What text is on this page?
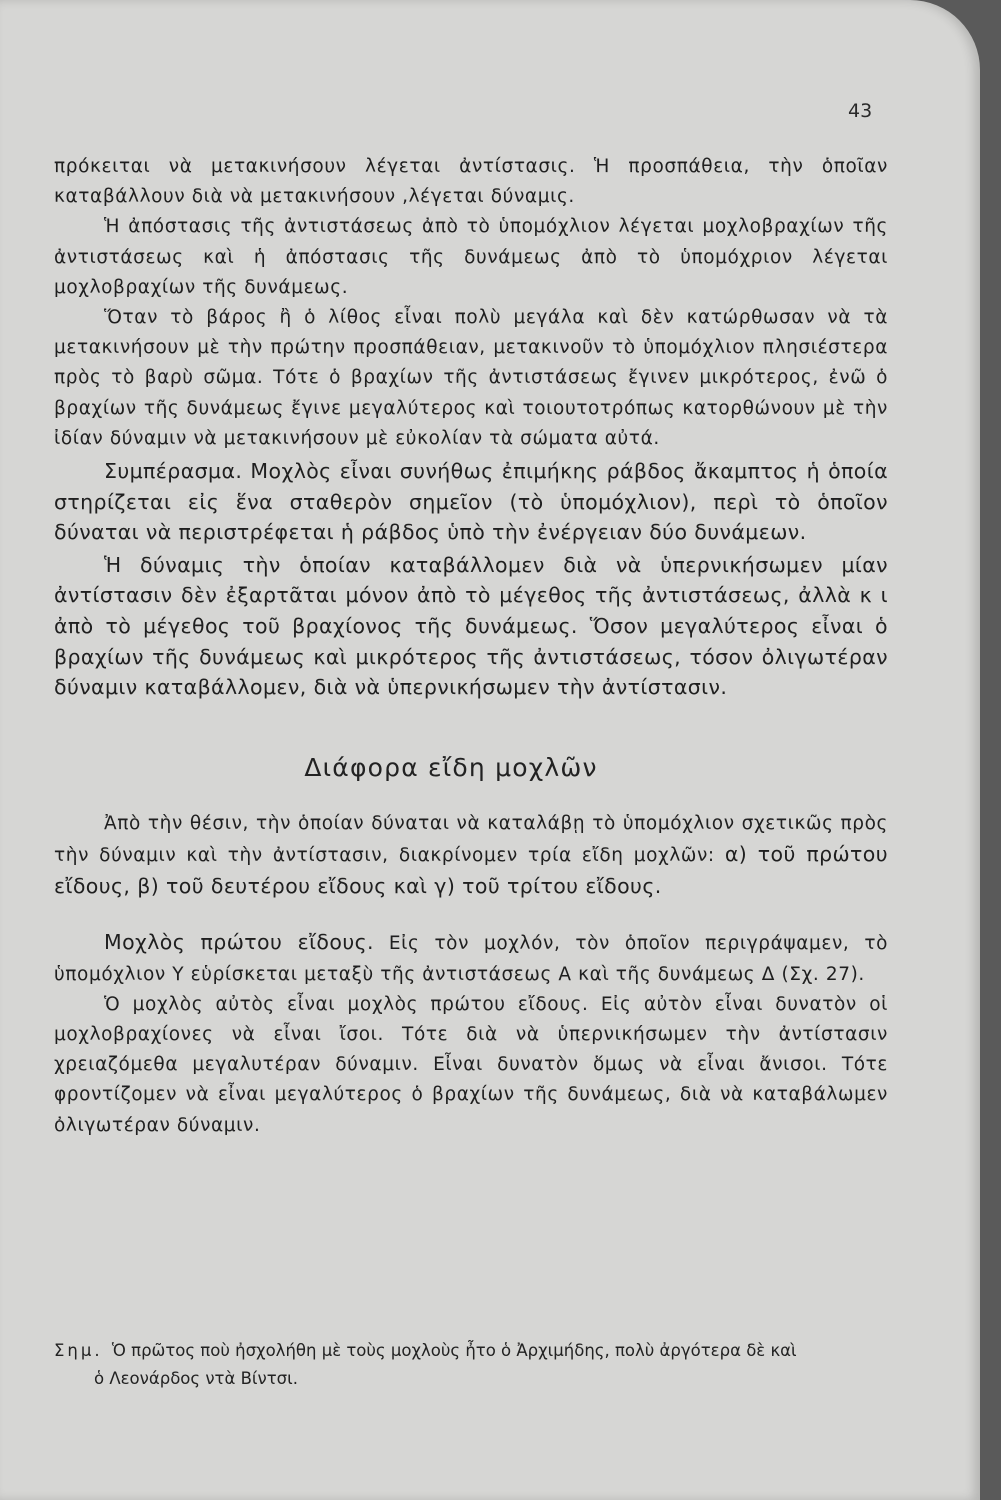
43

πρόκειται νὰ μετακινήσουν λέγεται ἀντίστασις. Ἡ προσπάθεια, τὴν ὁποῖαν καταβάλλουν διὰ νὰ μετακινήσουν ,λέγεται δύναμις.

Ἡ ἀπόστασις τῆς ἀντιστάσεως ἀπὸ τὸ ὑπομόχλιον λέγεται μοχλοβραχίων τῆς ἀντιστάσεως καὶ ἡ ἀπόστασις τῆς δυνάμεως ἀπὸ τὸ ὑπομόχριον λέγεται μοχλοβραχίων τῆς δυνάμεως.

Ὅταν τὸ βάρος ἢ ὁ λίθος εἶναι πολὺ μεγάλα καὶ δὲν κατώρθωσαν νὰ τὰ μετακινήσουν μὲ τὴν πρώτην προσπάθειαν, μετακινοῦν τὸ ὑπομόχλιον πλησιέστερα πρὸς τὸ βαρὺ σῶμα. Τότε ὁ βραχίων τῆς ἀντιστάσεως ἔγινεν μικρότερος, ἐνῶ ὁ βραχίων τῆς δυνάμεως ἔγινε μεγαλύτερος καὶ τοιουτοτρόπως κατορθώνουν μὲ τὴν ἰδίαν δύναμιν νὰ μετακινήσουν μὲ εὐκολίαν τὰ σώματα αὐτά.

Συμπέρασμα. Μοχλὸς εἶναι συνήθως ἐπιμήκης ράβδος ἄκαμπτος ἡ ὁποία στηρίζεται εἰς ἕνα σταθερὸν σημεῖον (τὸ ὑπομόχλιον), περὶ τὸ ὁποῖον δύναται νὰ περιστρέφεται ἡ ράβδος ὑπὸ τὴν ἐνέργειαν δύο δυνάμεων.

Ἡ δύναμις τὴν ὁποίαν καταβάλλομεν διὰ νὰ ὑπερνικήσωμεν μίαν ἀντίστασιν δὲν ἐξαρτᾶται μόνον ἀπὸ τὸ μέγεθος τῆς ἀντιστάσεως, ἀλλὰ κ ι ἀπὸ τὸ μέγεθος τοῦ βραχίονος τῆς δυνάμεως. Ὅσον μεγαλύτερος εἶναι ὁ βραχίων τῆς δυνάμεως καὶ μικρότερος τῆς ἀντιστάσεως, τόσον ὀλιγωτέραν δύναμιν καταβάλλομεν, διὰ νὰ ὑπερνικήσωμεν τὴν ἀντίστασιν.

Διάφορα εἴδη μοχλῶν

Ἀπὸ τὴν θέσιν, τὴν ὁποίαν δύναται νὰ καταλάβῃ τὸ ὑπομόχλιον σχετικῶς πρὸς τὴν δύναμιν καὶ τὴν ἀντίστασιν, διακρίνομεν τρία εἴδη μοχλῶν: α) τοῦ πρώτου εἴδους, β) τοῦ δευτέρου εἴδους καὶ γ) τοῦ τρίτου εἴδους.

Μοχλὸς πρώτου εἴδους. Εἰς τὸν μοχλόν, τὸν ὁποῖον περιγράψαμεν, τὸ ὑπομόχλιον Υ εὑρίσκεται μεταξὺ τῆς ἀντιστάσεως Α καὶ τῆς δυνάμεως Δ (Σχ. 27).

Ὁ μοχλὸς αὐτὸς εἶναι μοχλὸς πρώτου εἴδους. Εἰς αὐτὸν εἶναι δυνατὸν οἱ μοχλοβραχίονες νὰ εἶναι ἴσοι. Τότε διὰ νὰ ὑπερνικήσωμεν τὴν ἀντίστασιν χρειαζόμεθα μεγαλυτέραν δύναμιν. Εἶναι δυνατὸν ὅμως νὰ εἶναι ἄνισοι. Τότε φροντίζομεν νὰ εἶναι μεγαλύτερος ὁ βραχίων τῆς δυνάμεως, διὰ νὰ καταβάλωμεν ὀλιγωτέραν δύναμιν.

Σημ. Ὁ πρῶτος ποὺ ἠσχολήθη μὲ τοὺς μοχλοὺς ἦτο ὁ Ἀρχιμήδης, πολὺ ἀργότερα δὲ καὶ
ὁ Λεονάρδος ντὰ Βίντσι.
